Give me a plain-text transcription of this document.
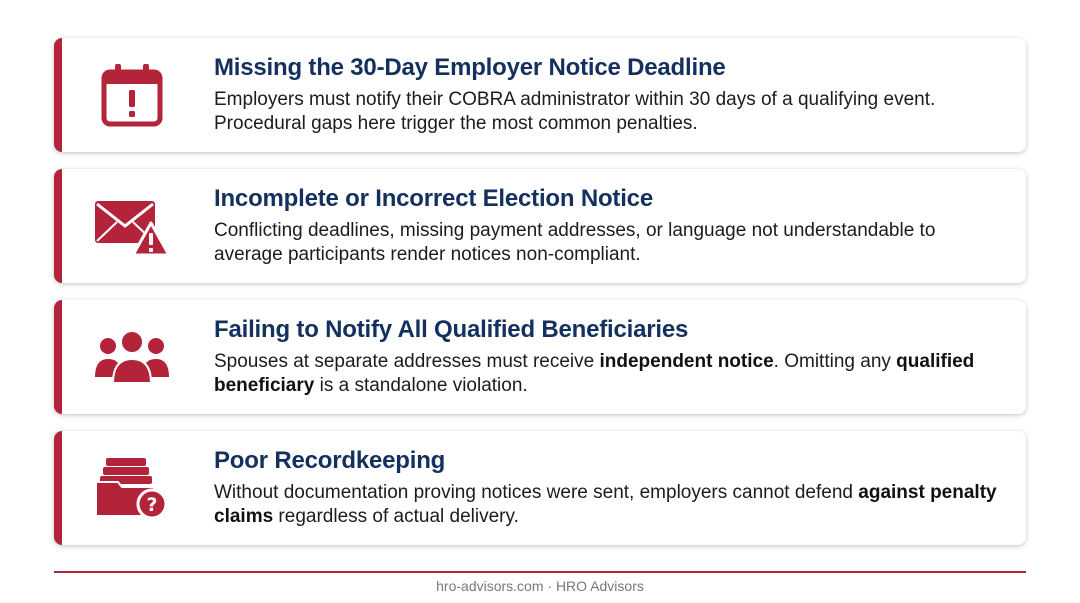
Missing the 30-Day Employer Notice Deadline
Employers must notify their COBRA administrator within 30 days of a qualifying event. Procedural gaps here trigger the most common penalties.
Incomplete or Incorrect Election Notice
Conflicting deadlines, missing payment addresses, or language not understandable to average participants render notices non-compliant.
Failing to Notify All Qualified Beneficiaries
Spouses at separate addresses must receive independent notice. Omitting any qualified beneficiary is a standalone violation.
?
Poor Recordkeeping
Without documentation proving notices were sent, employers cannot defend against penalty claims regardless of actual delivery.
hro-advisors.com · HRO Advisors
